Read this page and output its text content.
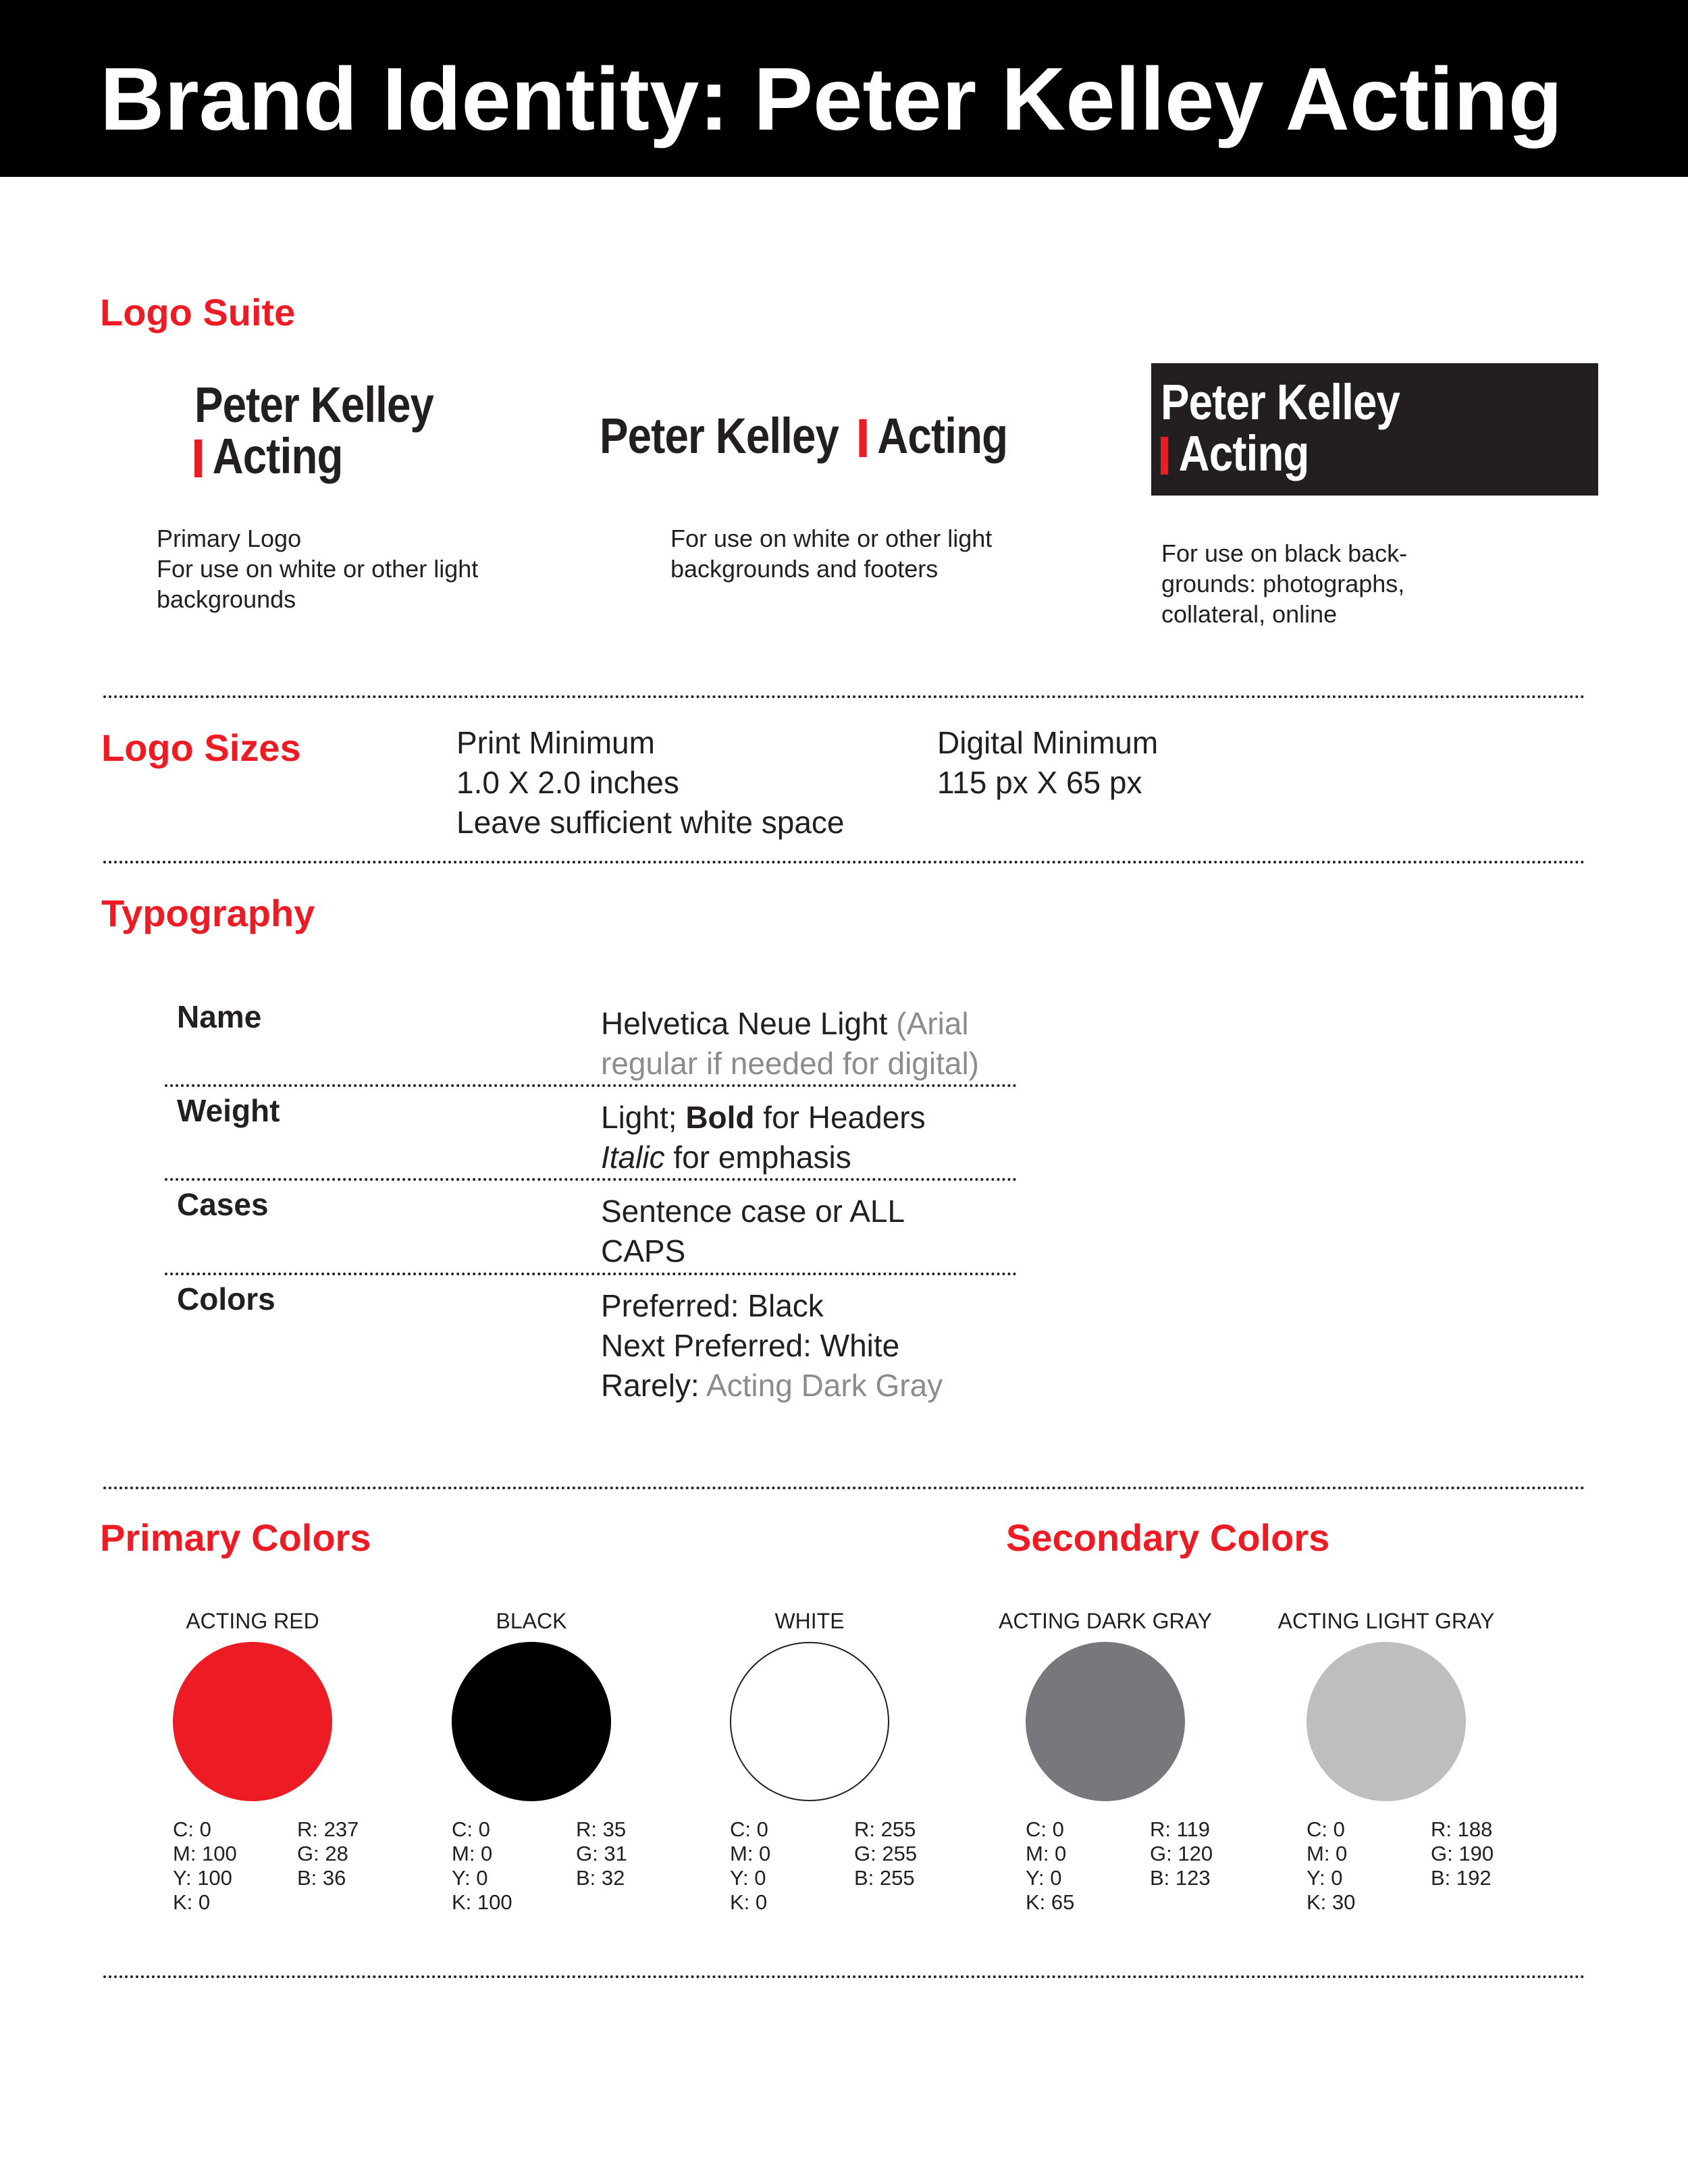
Brand Identity: Peter Kelley Acting
Logo Suite
Peter Kelley
Acting	Peter Kelley Acting
Peter Kelley
Acting
Primary Logo
For use on white or other light
backgrounds
For use on white or other light
backgrounds and footers
For use on black back-
grounds: photographs,
collateral, online
Logo Sizes	Print Minimum
1.0 X 2.0 inches
Leave sufficient white space
Digital Minimum
115 px X 65 px
Typography
Name	Helvetica Neue Light (Arial
regular if needed for digital)
Weight	Light; Bold for Headers
Italic for emphasis
Cases	Sentence case or ALL
CAPS
Colors	Preferred: Black
Next Preferred: White
Rarely: Acting Dark Gray
Primary Colors	Secondary Colors
ACTING RED
C: 0
M: 100
Y: 100
K: 0
R: 237
G: 28
B: 36
BLACK
C: 0
M: 0
Y: 0
K: 100
R: 35
G: 31
B: 32
WHITE
C: 0
M: 0
Y: 0
K: 0
R: 255
G: 255
B: 255
ACTING DARK GRAY
C: 0
M: 0
Y: 0
K: 65
R: 119
G: 120
B: 123
ACTING LIGHT GRAY
C: 0
M: 0
Y: 0
K: 30
R: 188
G: 190
B: 192
